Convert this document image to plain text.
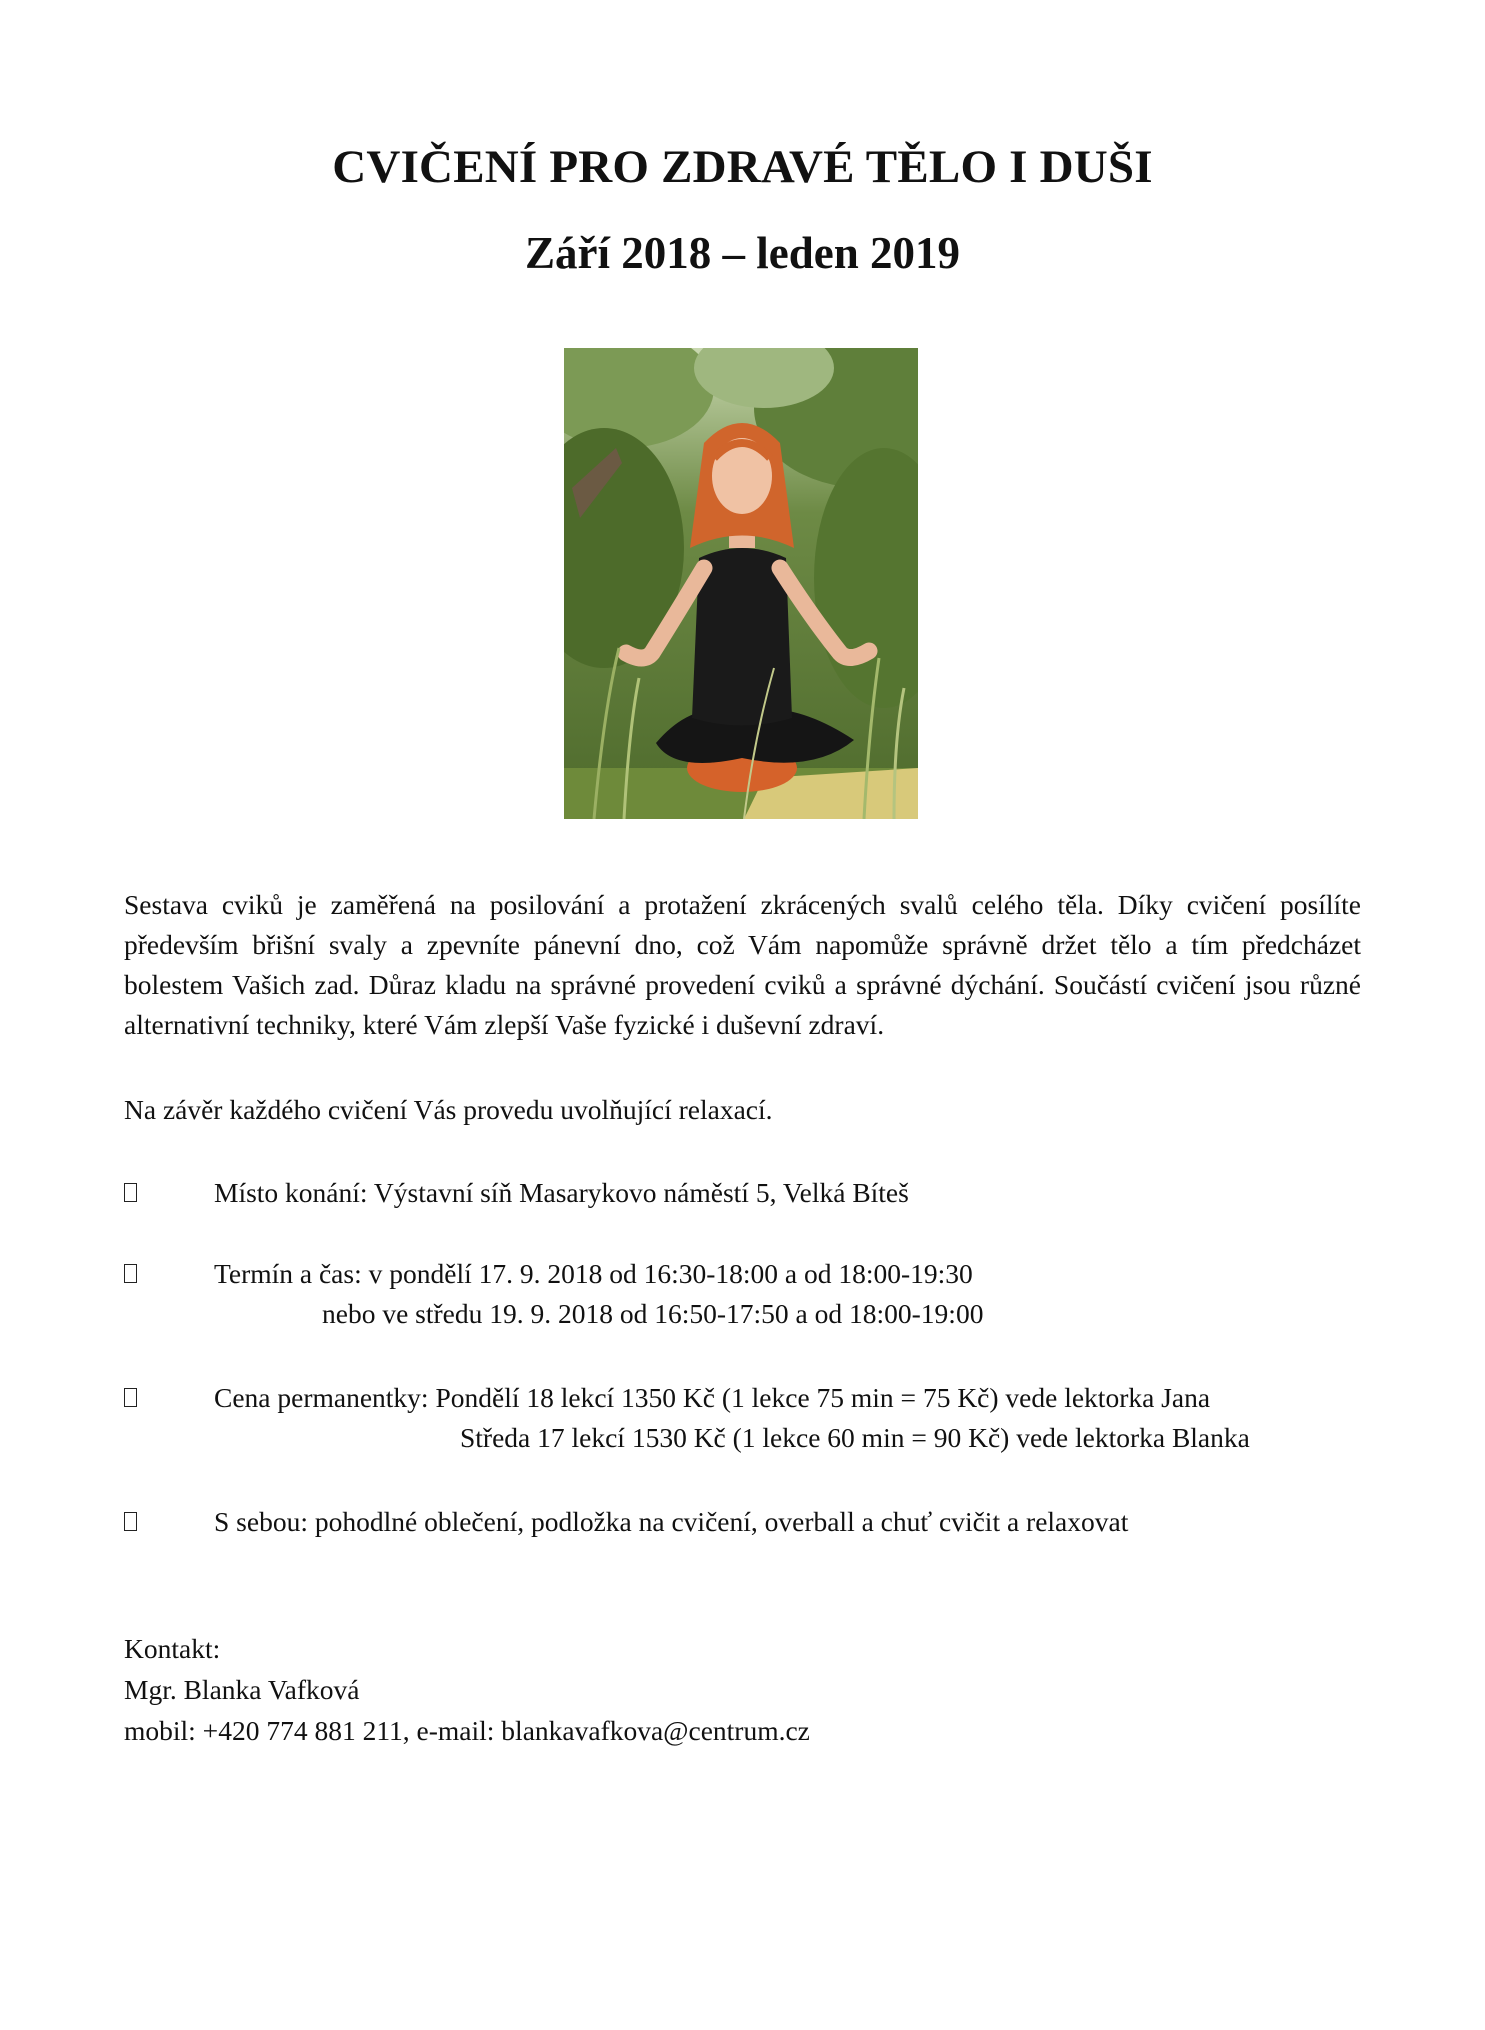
CVIČENÍ PRO ZDRAVÉ TĚLO I DUŠI
Září 2018 – leden 2019

Sestava cviků je zaměřená na posilování a protažení zkrácených svalů celého těla. Díky cvičení posílíte především břišní svaly a zpevníte pánevní dno, což Vám napomůže správně držet tělo a tím předcházet bolestem Vašich zad. Důraz kladu na správné provedení cviků a správné dýchání. Součástí cvičení jsou různé alternativní techniky, které Vám zlepší Vaše fyzické i duševní zdraví.

Na závěr každého cvičení Vás provedu uvolňující relaxací.

Místo konání: Výstavní síň Masarykovo náměstí 5, Velká Bíteš
Termín a čas: v pondělí 17. 9. 2018 od 16:30-18:00 a od 18:00-19:30
nebo ve středu 19. 9. 2018 od 16:50-17:50 a od 18:00-19:00
Cena permanentky: Pondělí 18 lekcí 1350 Kč (1 lekce 75 min = 75 Kč) vede lektorka Jana
Středa 17 lekcí 1530 Kč (1 lekce 60 min = 90 Kč) vede lektorka Blanka
S sebou: pohodlné oblečení, podložka na cvičení, overball a chuť cvičit a relaxovat
Kontakt:
Mgr. Blanka Vafková
mobil: +420 774 881 211, e-mail: blankavafkova@centrum.cz
